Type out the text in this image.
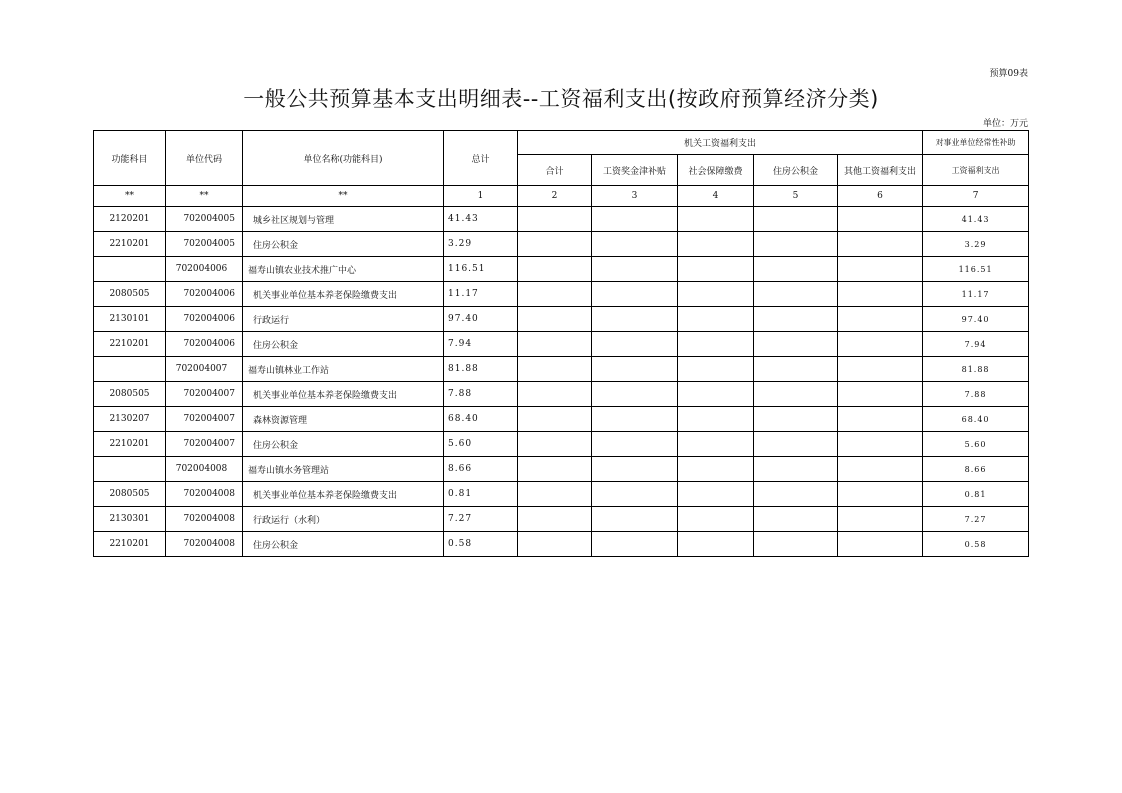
预算09表
一般公共预算基本支出明细表--工资福利支出(按政府预算经济分类)
单位：万元
功能科目	单位代码	单位名称(功能科目)	总计	机关工资福利支出					对事业单位经常性补助
				合计	工资奖金津补贴	社会保障缴费	住房公积金	其他工资福利支出	工资福利支出
**	**	**	1	2	3	4	5	6	7
2120201	702004005	城乡社区规划与管理	41.43						41.43
2210201	702004005	住房公积金	3.29						3.29
	702004006	福寿山镇农业技术推广中心	116.51						116.51
2080505	702004006	机关事业单位基本养老保险缴费支出	11.17						11.17
2130101	702004006	行政运行	97.40						97.40
2210201	702004006	住房公积金	7.94						7.94
	702004007	福寿山镇林业工作站	81.88						81.88
2080505	702004007	机关事业单位基本养老保险缴费支出	7.88						7.88
2130207	702004007	森林资源管理	68.40						68.40
2210201	702004007	住房公积金	5.60						5.60
	702004008	福寿山镇水务管理站	8.66						8.66
2080505	702004008	机关事业单位基本养老保险缴费支出	0.81						0.81
2130301	702004008	行政运行（水利）	7.27						7.27
2210201	702004008	住房公积金	0.58						0.58
